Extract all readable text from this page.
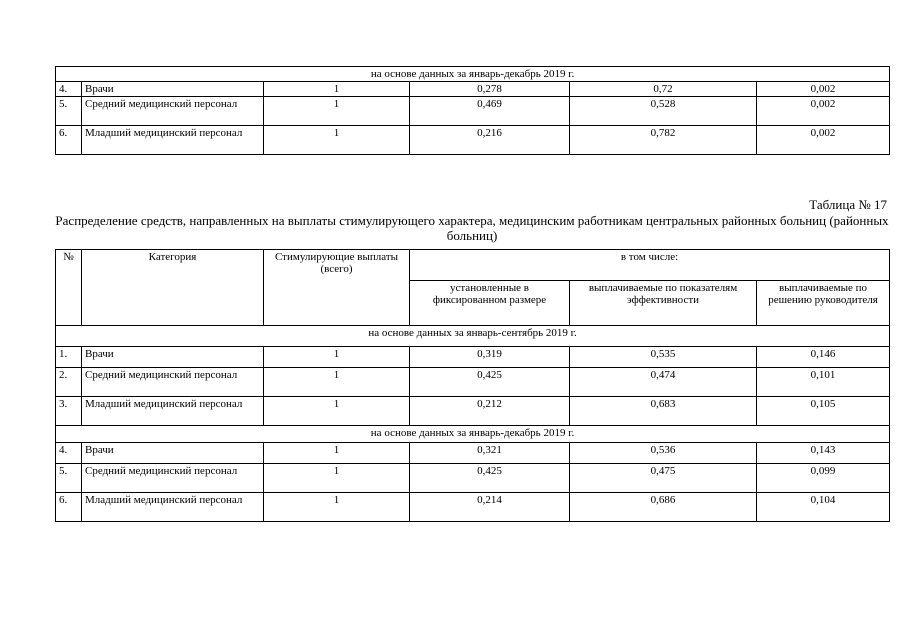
на основе данных за январь-декабрь 2019 г.					
4.	Врачи	1	0,278	0,72	0,002
5.	Средний медицинский персонал	1	0,469	0,528	0,002
6.	Младший медицинский персонал	1	0,216	0,782	0,002
Таблица № 17
Распределение средств, направленных на выплаты стимулирующего характера, медицинским работникам центральных районных больниц (районных больниц)
№	Категория	Стимулирующие выплаты (всего)	в том числе:		
			установленные в фиксированном размере	выплачиваемые по показателям эффективности	выплачиваемые по решению руководителя
на основе данных за январь-сентябрь 2019 г.					
1.	Врачи	1	0,319	0,535	0,146
2.	Средний медицинский персонал	1	0,425	0,474	0,101
3.	Младший медицинский персонал	1	0,212	0,683	0,105
на основе данных за январь-декабрь 2019 г.					
4.	Врачи	1	0,321	0,536	0,143
5.	Средний медицинский персонал	1	0,425	0,475	0,099
6.	Младший медицинский персонал	1	0,214	0,686	0,104
